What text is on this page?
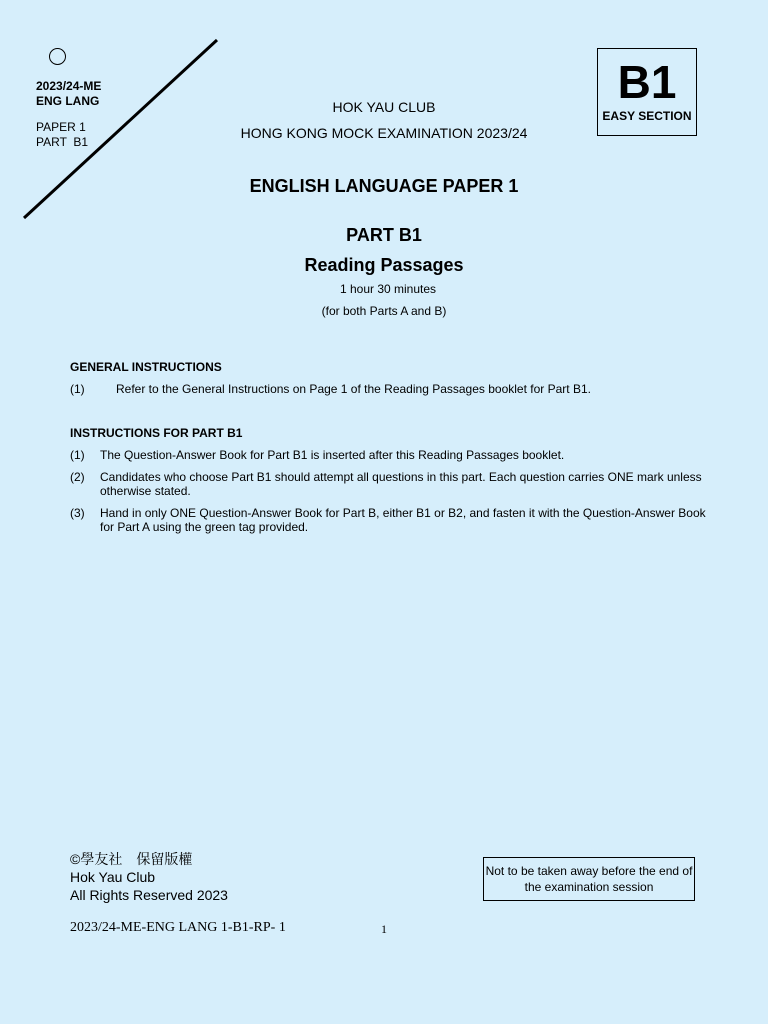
2023/24-ME
ENG LANG
PAPER 1
PART  B1
B1
EASY SECTION
HOK YAU CLUB
HONG KONG MOCK EXAMINATION 2023/24
ENGLISH LANGUAGE PAPER 1
PART B1
Reading Passages
1 hour 30 minutes
(for both Parts A and B)
GENERAL INSTRUCTIONS
(1)	Refer to the General Instructions on Page 1 of the Reading Passages booklet for Part B1.
INSTRUCTIONS FOR PART B1
(1) The Question-Answer Book for Part B1 is inserted after this Reading Passages booklet.
(2) Candidates who choose Part B1 should attempt all questions in this part. Each question carries ONE mark unless otherwise stated.
(3) Hand in only ONE Question-Answer Book for Part B, either B1 or B2, and fasten it with the Question-Answer Book for Part A using the green tag provided.
©學友社　保留版權
Hok Yau Club
All Rights Reserved 2023
Not to be taken away before the end of the examination session
2023/24-ME-ENG LANG 1-B1-RP- 1	1
